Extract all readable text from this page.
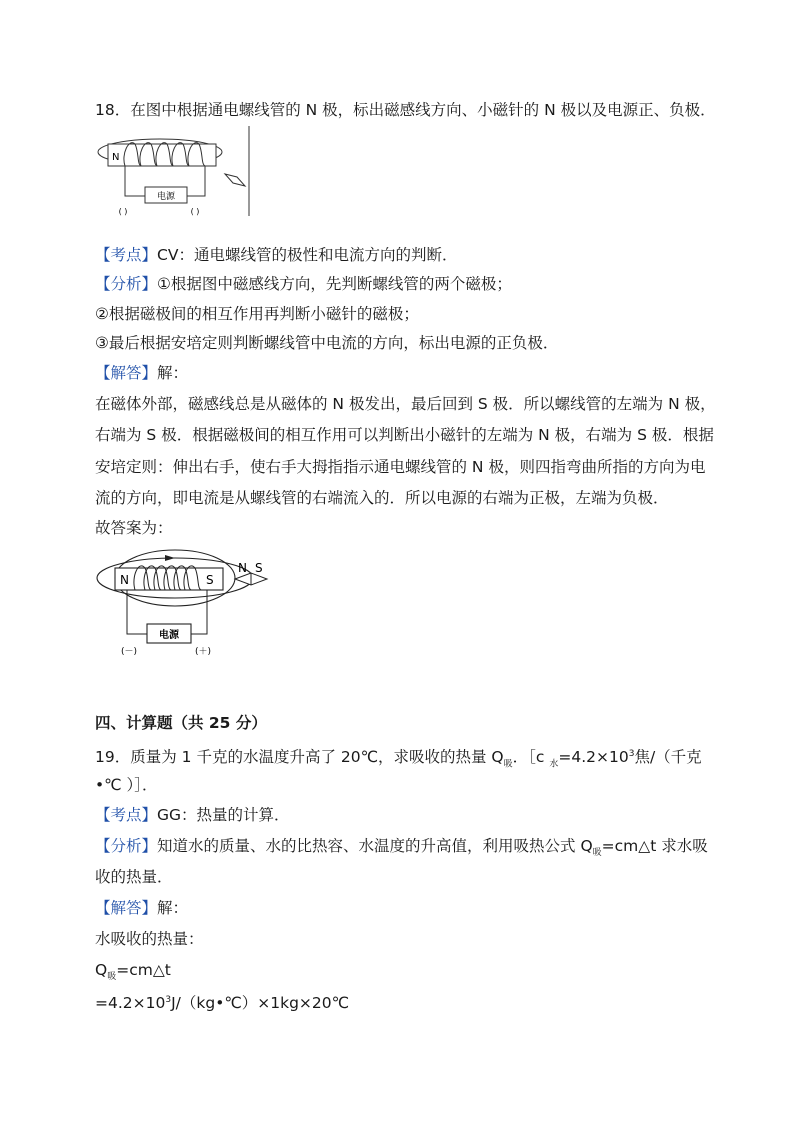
18．在图中根据通电螺线管的 N 极，标出磁感线方向、小磁针的 N 极以及电源正、负极．
N
电源
( )	( )
【考点】CV：通电螺线管的极性和电流方向的判断．
【分析】①根据图中磁感线方向，先判断螺线管的两个磁极；
②根据磁极间的相互作用再判断小磁针的磁极；
③最后根据安培定则判断螺线管中电流的方向，标出电源的正负极．
【解答】解：
在磁体外部，磁感线总是从磁体的 N 极发出，最后回到 S 极．所以螺线管的左端为 N 极，
右端为 S 极．根据磁极间的相互作用可以判断出小磁针的左端为 N 极，右端为 S 极．根据
安培定则：伸出右手，使右手大拇指指示通电螺线管的 N 极，则四指弯曲所指的方向为电
流的方向，即电流是从螺线管的右端流入的．所以电源的右端为正极，左端为负极．
故答案为：
N	S
电源
(－)	(＋)
N S
四、计算题（共 25 分）
19．质量为 1 千克的水温度升高了 20℃，求吸收的热量 $Q_吸$．［c $_水=4.2\times 10^3$焦/（千克
•℃ ）］．
【考点】GG：热量的计算．
【分析】知道水的质量、水的比热容、水温度的升高值，利用吸热公式 $Q_吸=cm\triangle t$ 求水吸
收的热量．
【解答】解：
水吸收的热量：
$Q_吸=cm\triangle t$
$=4.2\times 10^3J/(kg•℃)\times 1kg\times 20℃$
